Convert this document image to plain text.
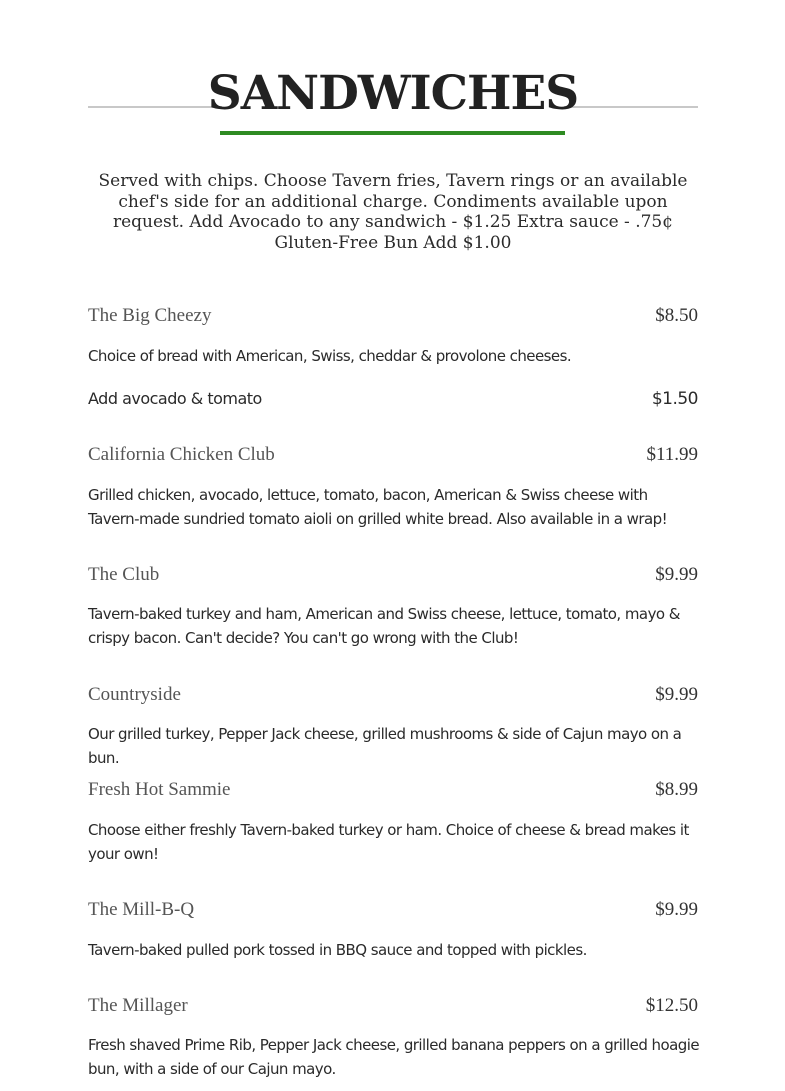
SANDWICHES

Served with chips. Choose Tavern fries, Tavern rings or an available chef's side for an additional charge. Condiments available upon request. Add Avocado to any sandwich - $1.25 Extra sauce - .75¢ Gluten-Free Bun Add $1.00

The Big Cheezy	$8.50

Choice of bread with American, Swiss, cheddar & provolone cheeses.

Add avocado & tomato	$1.50
California Chicken Club	$11.99

Grilled chicken, avocado, lettuce, tomato, bacon, American & Swiss cheese with Tavern-made sundried tomato aioli on grilled white bread. Also available in a wrap!

The Club	$9.99

Tavern-baked turkey and ham, American and Swiss cheese, lettuce, tomato, mayo & crispy bacon. Can't decide? You can't go wrong with the Club!

Countryside	$9.99

Our grilled turkey, Pepper Jack cheese, grilled mushrooms & side of Cajun mayo on a bun.

Fresh Hot Sammie	$8.99

Choose either freshly Tavern-baked turkey or ham. Choice of cheese & bread makes it your own!

The Mill-B-Q	$9.99

Tavern-baked pulled pork tossed in BBQ sauce and topped with pickles.

The Millager	$12.50

Fresh shaved Prime Rib, Pepper Jack cheese, grilled banana peppers on a grilled hoagie bun, with a side of our Cajun mayo.
